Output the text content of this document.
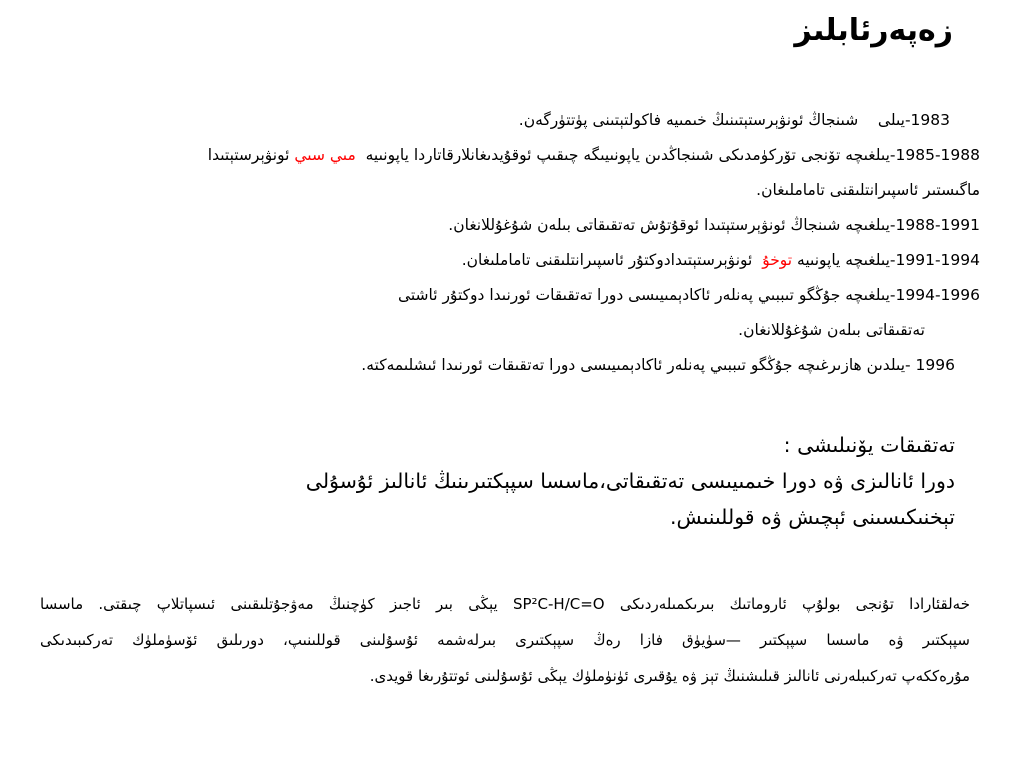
زەپەرئابلىز
1983-يىلى    شىنجاڭ ئونۋېرستېتىنىڭ خىمىيە فاكولتېتىنى پۈتتۈرگەن.
1985-1988-يىلغىچە تۆنجى تۆركۈمدىكى شىنجاڭدىن ياپونىيىگە چىقىپ ئوقۇيدىغانلارقاتاردا ياپونىيە  مىي سىي ئونۋېرستېتىدا
ماگىستىر ئاسپىرانتلىقنى تاماملىغان.
1988-1991-يىلغىچە شىنجاڭ ئونۋېرستېتىدا ئوقۇتۇش تەتقىقاتى بىلەن شۇغۇللانغان.
1991-1994-يىلغىچە ياپونىيە توخۇ  ئونۋېرستېتىدادوكتۇر ئاسپىرانتلىقنى تاماملىغان.
1994-1996-يىلغىچە جۇڭگو تىببىي پەنلەر ئاكادېمىيىسى دورا تەتقىقات ئورنىدا دوكتۇر ئاشتى
تەتقىقاتى بىلەن شۇغۇللانغان.
1996 -يىلدىن ھازىرغىچە جۇڭگو تىببىي پەنلەر ئاكادېمىيىسى دورا تەتقىقات ئورنىدا ئىشلىمەكتە.
تەتقىقات يۆنىلىشى :
دورا ئانالىزى ۋە دورا خىمىيىسى تەتقىقاتى،ماسسا سپېكتىرىنىڭ ئانالىز ئۇسۇلى
تېخنىكىسىنى ئېچىش ۋە قوللىنىش.
خەلقئارادا تۇنجى بولۇپ ئاروماتىك بىرىكمىلەردىكى SP²C-H/C=O يېڭى بىر ئاجىز كۈچنىڭ مەۋجۇتلىقىنى ئىسپاتلاپ چىقتى. ماسسا
سپېكتىر ۋە ماسسا سپېكتىر —سۈيۈق فازا رەڭ سپېكتىرى بىرلەشمە ئۇسۇلىنى قوللىنىپ، دورىلىق ئۆسۈملۈك تەركىبىدىكى
مۇرەككەپ تەركىبلەرنى ئانالىز قىلىشنىڭ تېز ۋە يۇقىرى ئۈنۈملۈك يېڭى ئۇسۇلىنى ئوتتۇرىغا قويدى.
